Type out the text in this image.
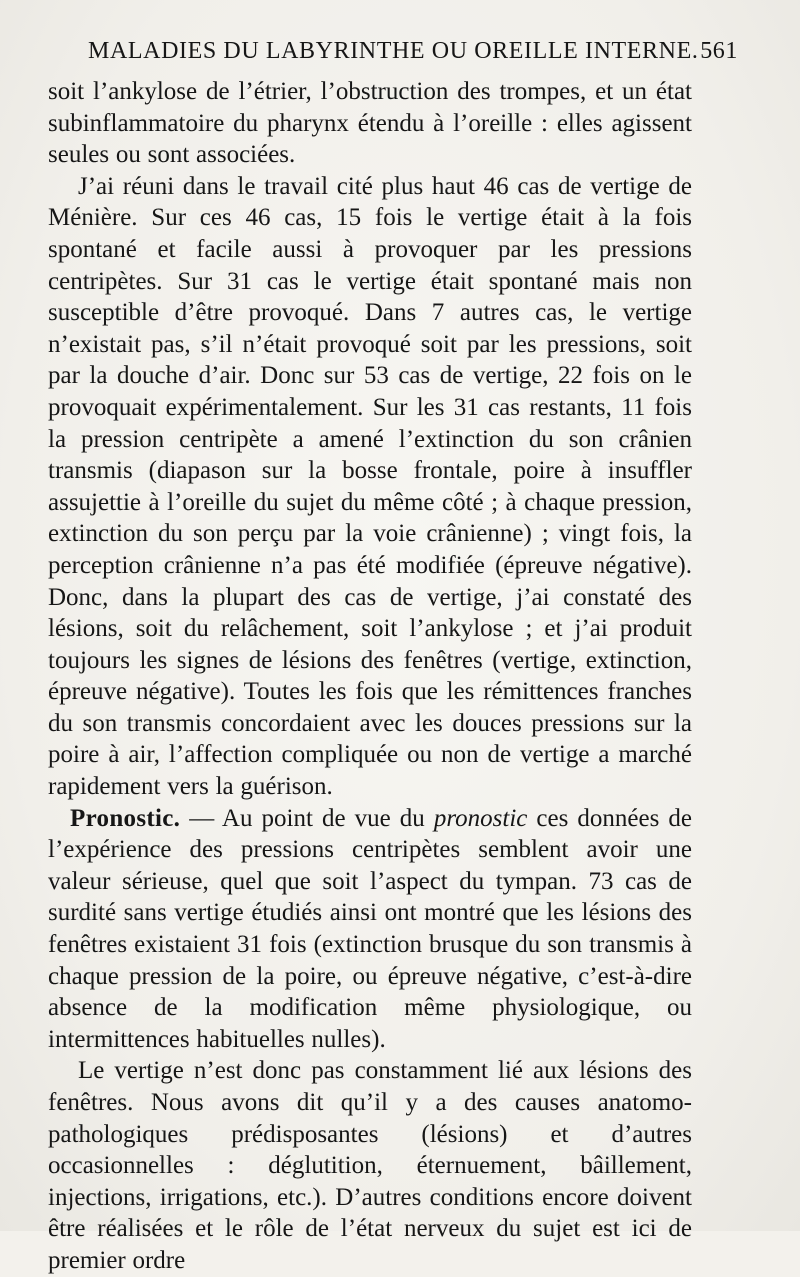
MALADIES DU LABYRINTHE OU OREILLE INTERNE. 561

soit l’ankylose de l’étrier, l’obstruction des trompes, et un état subinflammatoire du pharynx étendu à l’oreille : elles agissent seules ou sont associées.

J’ai réuni dans le travail cité plus haut 46 cas de vertige de Ménière. Sur ces 46 cas, 15 fois le vertige était à la fois spontané et facile aussi à provoquer par les pressions centripètes. Sur 31 cas le vertige était spontané mais non susceptible d’être provoqué. Dans 7 autres cas, le vertige n’existait pas, s’il n’était provoqué soit par les pressions, soit par la douche d’air. Donc sur 53 cas de vertige, 22 fois on le provoquait expérimentalement. Sur les 31 cas restants, 11 fois la pression centripète a amené l’extinction du son crânien transmis (diapason sur la bosse frontale, poire à insuffler assujettie à l’oreille du sujet du même côté ; à chaque pression, extinction du son perçu par la voie crânienne) ; vingt fois, la perception crânienne n’a pas été modifiée (épreuve négative). Donc, dans la plupart des cas de vertige, j’ai constaté des lésions, soit du relâchement, soit l’ankylose ; et j’ai produit toujours les signes de lésions des fenêtres (vertige, extinction, épreuve négative). Toutes les fois que les rémittences franches du son transmis concordaient avec les douces pressions sur la poire à air, l’affection compliquée ou non de vertige a marché rapidement vers la guérison.

Pronostic. — Au point de vue du pronostic ces données de l’expérience des pressions centripètes semblent avoir une valeur sérieuse, quel que soit l’aspect du tympan. 73 cas de surdité sans vertige étudiés ainsi ont montré que les lésions des fenêtres existaient 31 fois (extinction brusque du son transmis à chaque pression de la poire, ou épreuve négative, c’est-à-dire absence de la modification même physiologique, ou intermittences habituelles nulles).

Le vertige n’est donc pas constamment lié aux lésions des fenêtres. Nous avons dit qu’il y a des causes anatomo-pathologiques prédisposantes (lésions) et d’autres occasionnelles : déglutition, éternuement, bâillement, injections, irrigations, etc.). D’autres conditions encore doivent être réalisées et le rôle de l’état nerveux du sujet est ici de premier ordre
